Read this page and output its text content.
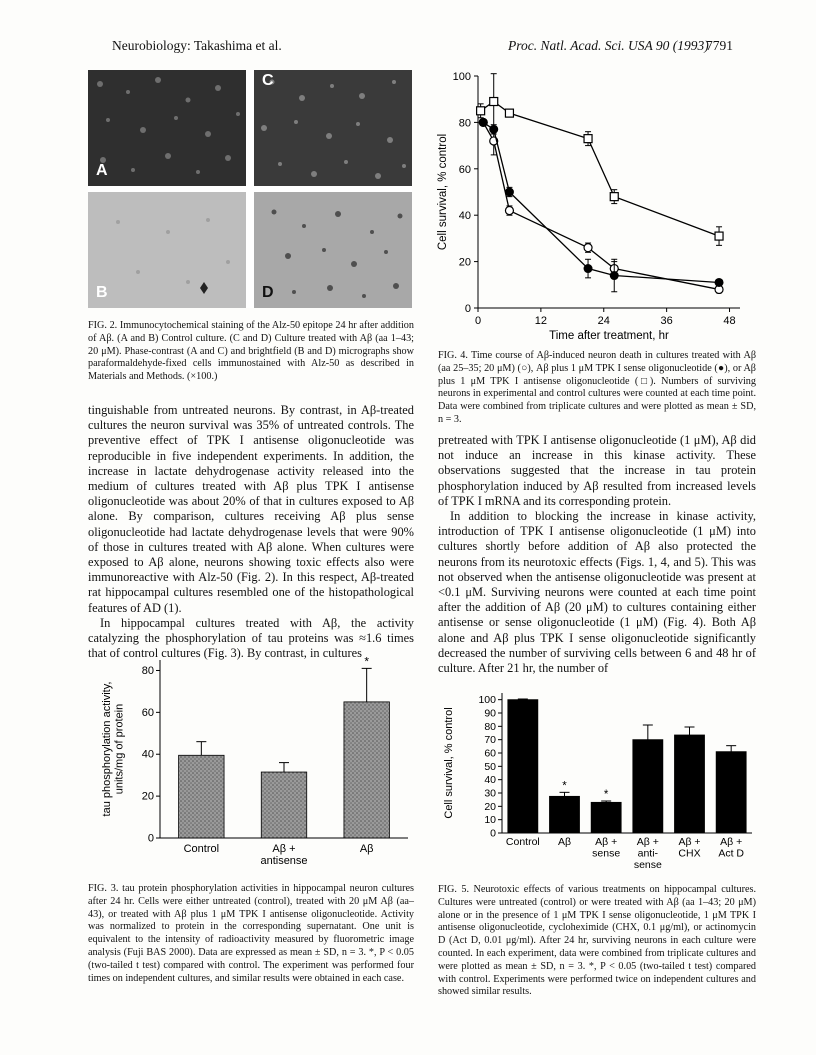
Neurobiology: Takashima et al.	Proc. Natl. Acad. Sci. USA 90 (1993)
7791
A
B	D
C
FIG. 2. Immunocytochemical staining of the Alz-50 epitope 24 hr after addition of Aβ. (A and B) Control culture. (C and D) Culture treated with Aβ (aa 1–43; 20 μM). Phase-contrast (A and C) and brightfield (B and D) micrographs show paraformaldehyde-fixed cells immunostained with Alz-50 as described in Materials and Methods. (×100.)

tinguishable from untreated neurons. By contrast, in Aβ-treated cultures the neuron survival was 35% of untreated controls. The preventive effect of TPK I antisense oligonucleotide was reproducible in five independent experiments. In addition, the increase in lactate dehydrogenase activity released into the medium of cultures treated with Aβ plus TPK I antisense oligonucleotide was about 20% of that in cultures exposed to Aβ alone. By comparison, cultures receiving Aβ plus sense oligonucleotide had lactate dehydrogenase levels that were 90% of those in cultures treated with Aβ alone. When cultures were exposed to Aβ alone, neurons showing toxic effects also were immunoreactive with Alz-50 (Fig. 2). In this respect, Aβ-treated rat hippocampal cultures resembled one of the histopathological features of AD (1).

In hippocampal cultures treated with Aβ, the activity catalyzing the phosphorylation of tau proteins was ≈1.6 times that of control cultures (Fig. 3). By contrast, in cultures

0
20
40
60
80
Control	Aβ + antisense
*
Aβ
tau phosphorylation activity,units/mg of protein
FIG. 3. tau protein phosphorylation activities in hippocampal neuron cultures after 24 hr. Cells were either untreated (control), treated with 20 μM Aβ (aa–43), or treated with Aβ plus 1 μM TPK I antisense oligonucleotide. Activity was normalized to protein in the corresponding supernatant. One unit is equivalent to the intensity of radioactivity measured by fluorometric image analysis (Fuji BAS 2000). Data are expressed as mean ± SD, n = 3. *, P < 0.05 (two-tailed t test) compared with control. The experiment was performed four times on independent cultures, and similar results were obtained in each case.
0
20
40
60
80
100
0	12	24	36	48
Time after treatment, hr
Cell survival, % control
FIG. 4. Time course of Aβ-induced neuron death in cultures treated with Aβ (aa 25–35; 20 μM) (○), Aβ plus 1 μM TPK I sense oligonucleotide (●), or Aβ plus 1 μM TPK I antisense oligonucleotide (□). Numbers of surviving neurons in experimental and control cultures were counted at each time point. Data were combined from triplicate cultures and were plotted as mean ± SD, n = 3.

pretreated with TPK I antisense oligonucleotide (1 μM), Aβ did not induce an increase in this kinase activity. These observations suggested that the increase in tau protein phosphorylation induced by Aβ resulted from increased levels of TPK I mRNA and its corresponding protein.

In addition to blocking the increase in kinase activity, introduction of TPK I antisense oligonucleotide (1 μM) into cultures shortly before addition of Aβ also protected the neurons from its neurotoxic effects (Figs. 1, 4, and 5). This was not observed when the antisense oligonucleotide was present at <0.1 μM. Surviving neurons were counted at each time point after the addition of Aβ (20 μM) to cultures containing either antisense or sense oligonucleotide (1 μM) (Fig. 4). Both Aβ alone and Aβ plus TPK I sense oligonucleotide significantly decreased the number of surviving cells between 6 and 48 hr of culture. After 21 hr, the number of

0
10
20
30
40
50
60
70
80
90
100
Control
*
Aβ
*
Aβ + sense
Aβ + anti-sense
Aβ + CHX
Aβ + Act D
Cell survival, % control
FIG. 5. Neurotoxic effects of various treatments on hippocampal cultures. Cultures were untreated (control) or were treated with Aβ (aa 1–43; 20 μM) alone or in the presence of 1 μM TPK I sense oligonucleotide, 1 μM TPK I antisense oligonucleotide, cycloheximide (CHX, 0.1 μg/ml), or actinomycin D (Act D, 0.01 μg/ml). After 24 hr, surviving neurons in each culture were counted. In each experiment, data were combined from triplicate cultures and were plotted as mean ± SD, n = 3. *, P < 0.05 (two-tailed t test) compared with control. Experiments were performed twice on independent cultures and showed similar results.
